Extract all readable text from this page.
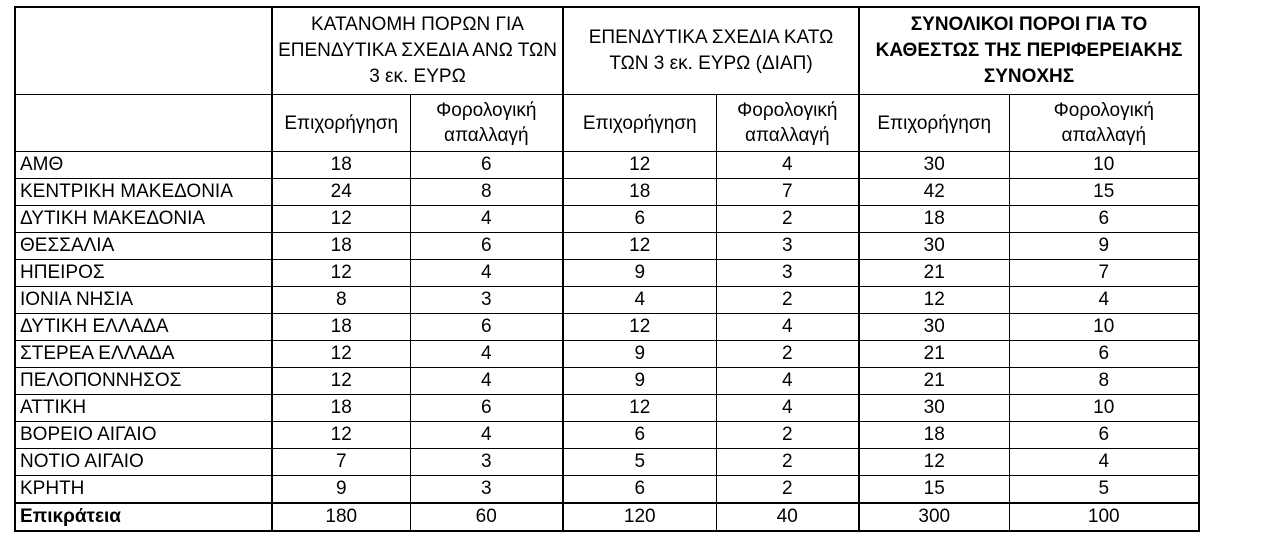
	ΚΑΤΑΝΟΜΗ ΠΟΡΩΝ ΓΙΑ ΕΠΕΝΔΥΤΙΚΑ ΣΧΕΔΙΑ ΑΝΩ ΤΩΝ 3 εκ. ΕΥΡΩ		ΕΠΕΝΔΥΤΙΚΑ ΣΧΕΔΙΑ ΚΑΤΩ ΤΩΝ 3 εκ. ΕΥΡΩ (ΔΙΑΠ)		ΣΥΝΟΛΙΚΟΙ ΠΟΡΟΙ ΓΙΑ ΤΟ ΚΑΘΕΣΤΩΣ ΤΗΣ ΠΕΡΙΦΕΡΕΙΑΚΗΣ ΣΥΝΟΧΗΣ	
	Επιχορήγηση	Φορολογική απαλλαγή	Επιχορήγηση	Φορολογική απαλλαγή	Επιχορήγηση	Φορολογική απαλλαγή
ΑΜΘ	18	6	12	4	30	10
ΚΕΝΤΡΙΚΗ ΜΑΚΕΔΟΝΙΑ	24	8	18	7	42	15
ΔΥΤΙΚΗ ΜΑΚΕΔΟΝΙΑ	12	4	6	2	18	6
ΘΕΣΣΑΛΙΑ	18	6	12	3	30	9
ΗΠΕΙΡΟΣ	12	4	9	3	21	7
ΙΟΝΙΑ ΝΗΣΙΑ	8	3	4	2	12	4
ΔΥΤΙΚΗ ΕΛΛΑΔΑ	18	6	12	4	30	10
ΣΤΕΡΕΑ ΕΛΛΑΔΑ	12	4	9	2	21	6
ΠΕΛΟΠΟΝΝΗΣΟΣ	12	4	9	4	21	8
ΑΤΤΙΚΗ	18	6	12	4	30	10
ΒΟΡΕΙΟ ΑΙΓΑΙΟ	12	4	6	2	18	6
ΝΟΤΙΟ ΑΙΓΑΙΟ	7	3	5	2	12	4
ΚΡΗΤΗ	9	3	6	2	15	5
Επικράτεια	180	60	120	40	300	100
